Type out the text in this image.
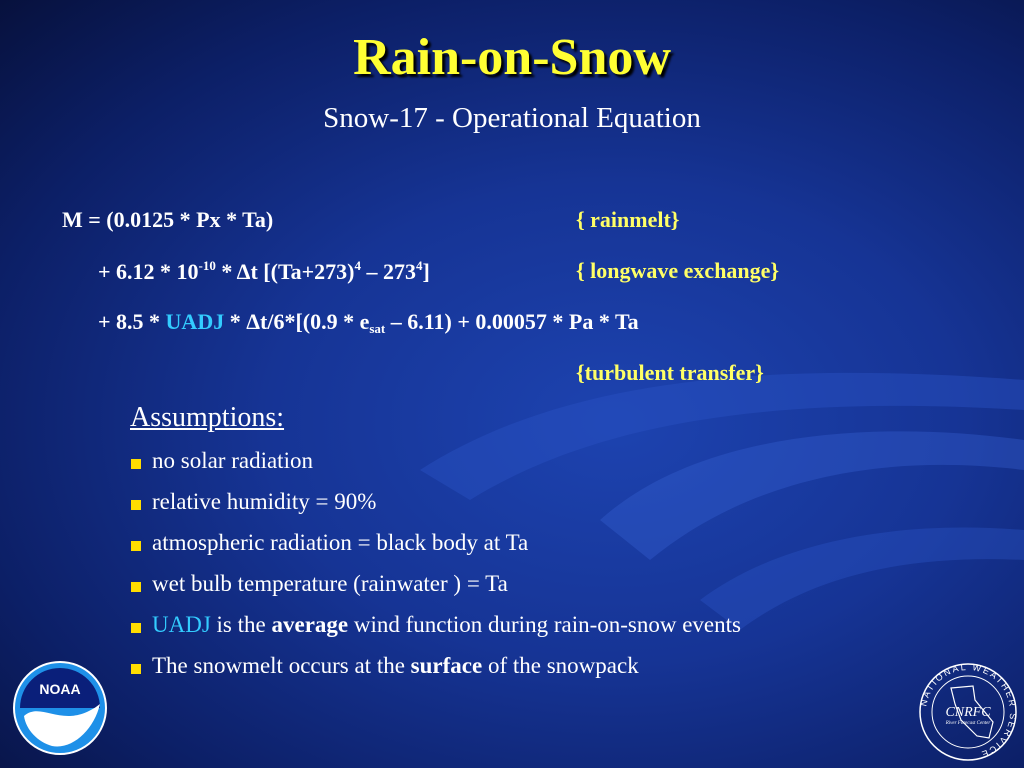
Rain-on-Snow
Snow-17 - Operational Equation
M = (0.0125 * Px * Ta)	{ rainmelt}
+ $6.12 * 10^{-10}$ * Δt $[(Ta+273)^4 - 273^4]$	{ longwave exchange}
+ 8.5 * UADJ * $\Delta t/6*[(0.9 * e_{sat} - 6.11) + 0.00057 * Pa * Ta$
{turbulent transfer}
Assumptions:
no solar radiation
relative humidity = 90%
atmospheric radiation = black body at Ta
wet bulb temperature (rainwater ) = Ta
UADJ is the average wind function during rain-on-snow events
The snowmelt occurs at the surface of the snowpack
NOAA
NATIONAL WEATHER SERVICE
CNRFC
River Forecast Center
